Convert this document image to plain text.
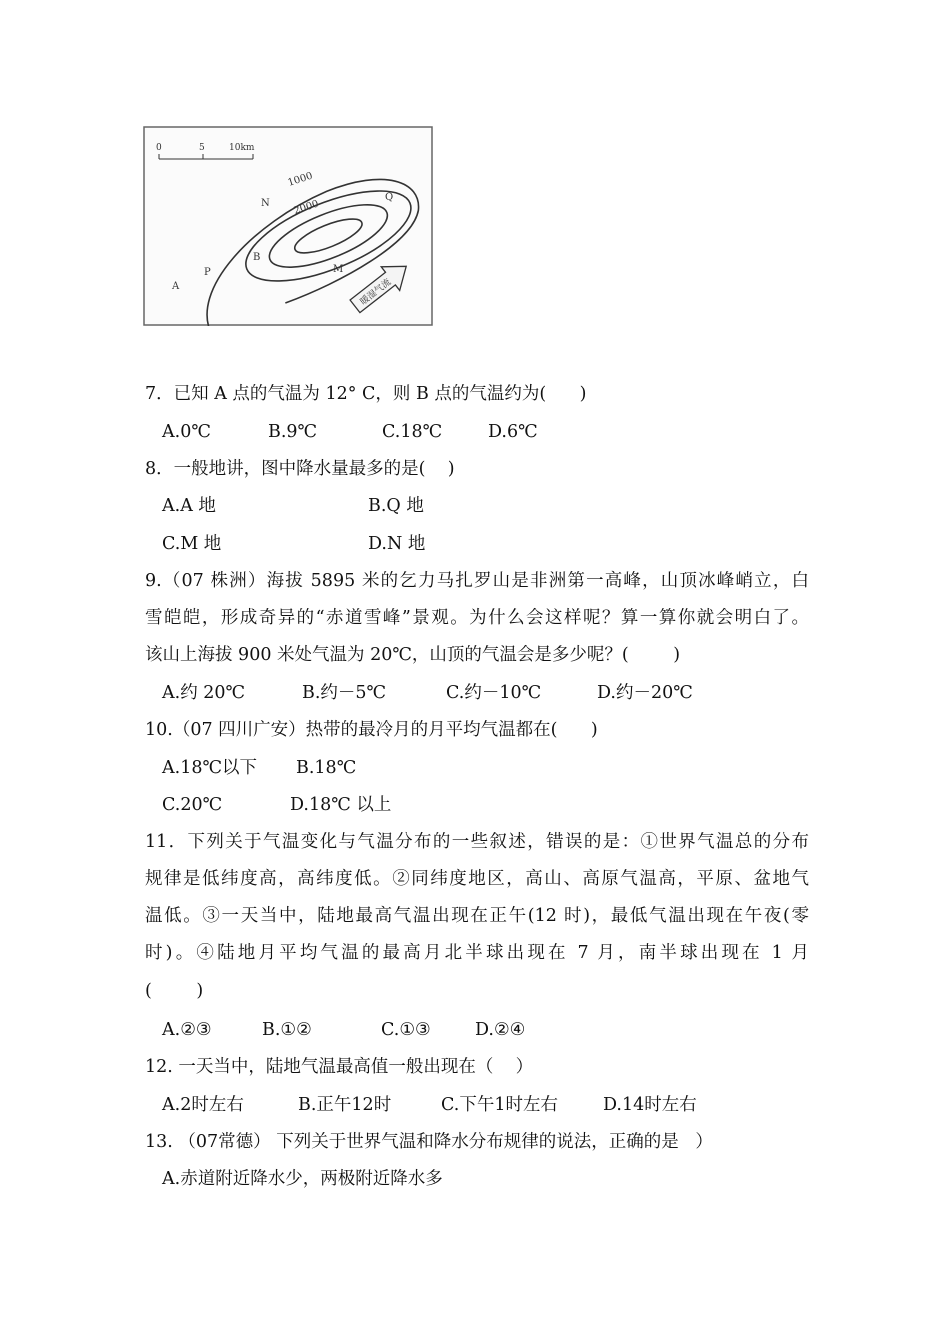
0	5	10km
1000
2000
N
Q
B
P	M
A	暖湿气流
7．已知 A 点的气温为 12° C，则 B 点的气温约为(      )
A.0℃	B.9℃	C.18℃	D.6℃
8．一般地讲，图中降水量最多的是(    )
A.A 地	B.Q 地
C.M 地	D.N 地
9.（07 株洲）海拔 5895 米的乞力马扎罗山是非洲第一高峰，山顶冰峰峭立，白
雪皑皑，形成奇异的“赤道雪峰”景观。为什么会这样呢？算一算你就会明白了。
该山上海拔 900 米处气温为 20℃，山顶的气温会是多少呢？(        )
A.约 20℃	B.约－5℃	C.约－10℃	D.约－20℃
10.（07 四川广安）热带的最冷月的月平均气温都在(      )
A.18℃以下 B.18℃
C.20℃	D.18℃ 以上
11．下列关于气温变化与气温分布的一些叙述，错误的是：①世界气温总的分布
规律是低纬度高，高纬度低。②同纬度地区，高山、高原气温高，平原、盆地气
温低。③一天当中，陆地最高气温出现在正午(12 时)，最低气温出现在午夜(零
时)。④陆地月平均气温的最高月北半球出现在 7 月，南半球出现在 1 月
(        )
A.②③	B.①②	C.①③	D.②④
12. 一天当中，陆地气温最高值一般出现在（    ）
A.2时左右	B.正午12时	C.下午1时左右	D.14时左右
13. （07常德） 下列关于世界气温和降水分布规律的说法，正确的是   ）
A.赤道附近降水少，两极附近降水多
